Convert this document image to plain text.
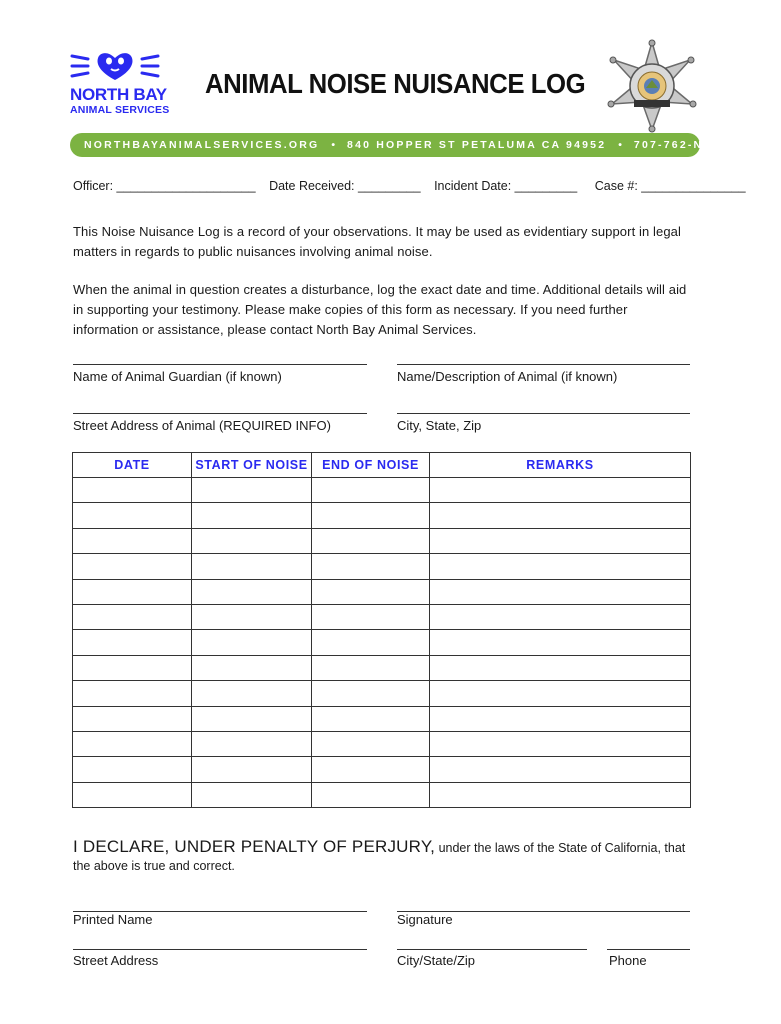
NORTH BAY
ANIMAL SERVICES
ANIMAL NOISE NUISANCE LOG
NORTHBAYANIMALSERVICES.ORG • 840 HOPPER ST PETALUMA CA 94952 • 707-762-NBAS (6227)
Officer: ____________________ Date Received: _________ Incident Date: _________ Case #: _______________
This Noise Nuisance Log is a record of your observations. It may be used as evidentiary support in legal matters in regards to public nuisances involving animal noise.
When the animal in question creates a disturbance, log the exact date and time. Additional details will aid in supporting your testimony. Please make copies of this form as necessary. If you need further information or assistance, please contact North Bay Animal Services.
Name of Animal Guardian (if known)	Name/Description of Animal (if known)
Street Address of Animal (REQUIRED INFO)	City, State, Zip
DATE	START OF NOISE	END OF NOISE	REMARKS

I DECLARE, UNDER PENALTY OF PERJURY, under the laws of the State of California, that the above is true and correct.
Printed Name	Signature
Street Address	City/State/Zip	Phone
